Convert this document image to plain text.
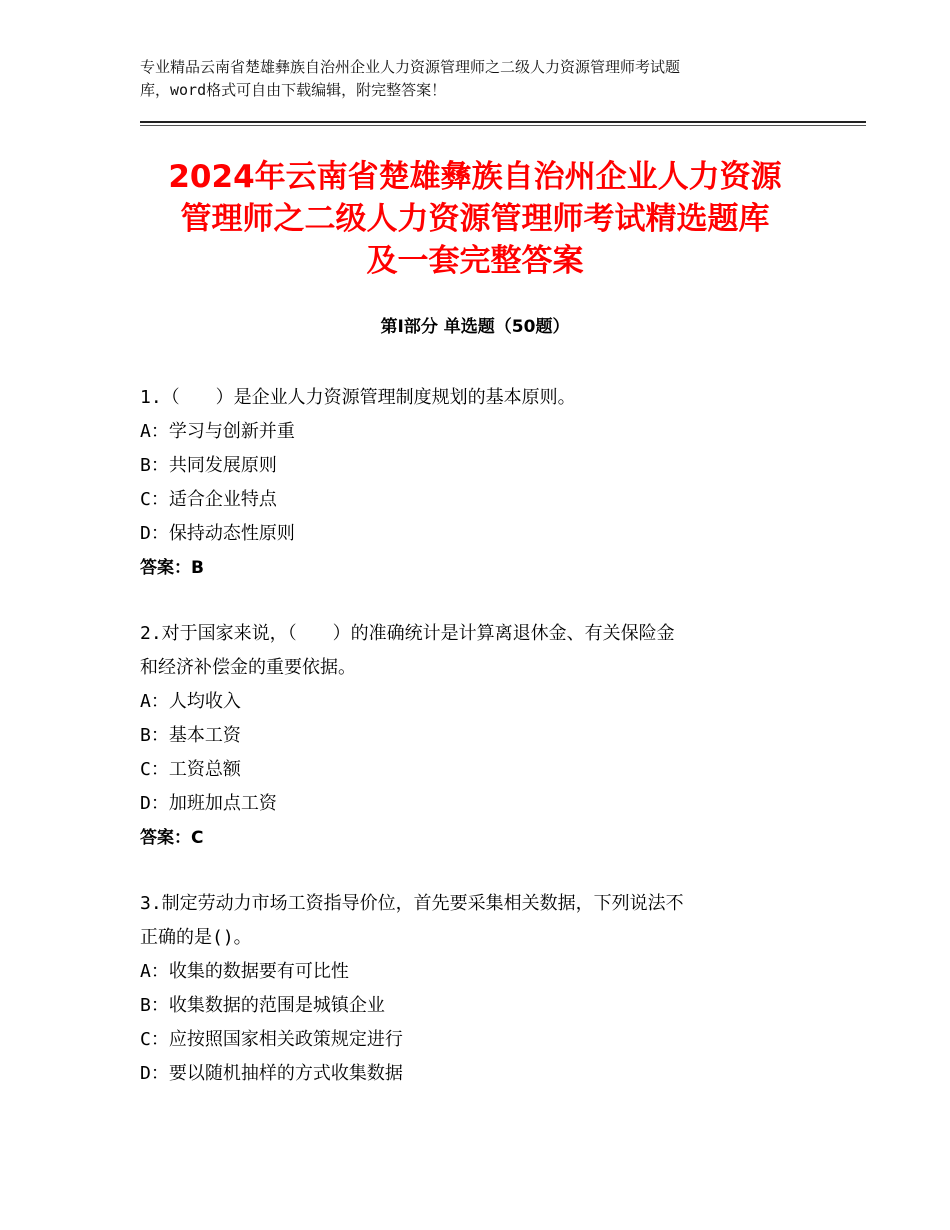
专业精品云南省楚雄彝族自治州企业人力资源管理师之二级人力资源管理师考试题
库，word格式可自由下载编辑，附完整答案！
2024年云南省楚雄彝族自治州企业人力资源
管理师之二级人力资源管理师考试精选题库
及一套完整答案
第Ⅰ部分 单选题（50题）

1.（　　）是企业人力资源管理制度规划的基本原则。

A：学习与创新并重

B：共同发展原则

C：适合企业特点

D：保持动态性原则

答案：B

2.对于国家来说，（　　）的准确统计是计算离退休金、有关保险金

和经济补偿金的重要依据。

A：人均收入

B：基本工资

C：工资总额

D：加班加点工资

答案：C

3.制定劳动力市场工资指导价位，首先要采集相关数据，下列说法不

正确的是()。

A：收集的数据要有可比性

B：收集数据的范围是城镇企业

C：应按照国家相关政策规定进行

D：要以随机抽样的方式收集数据
